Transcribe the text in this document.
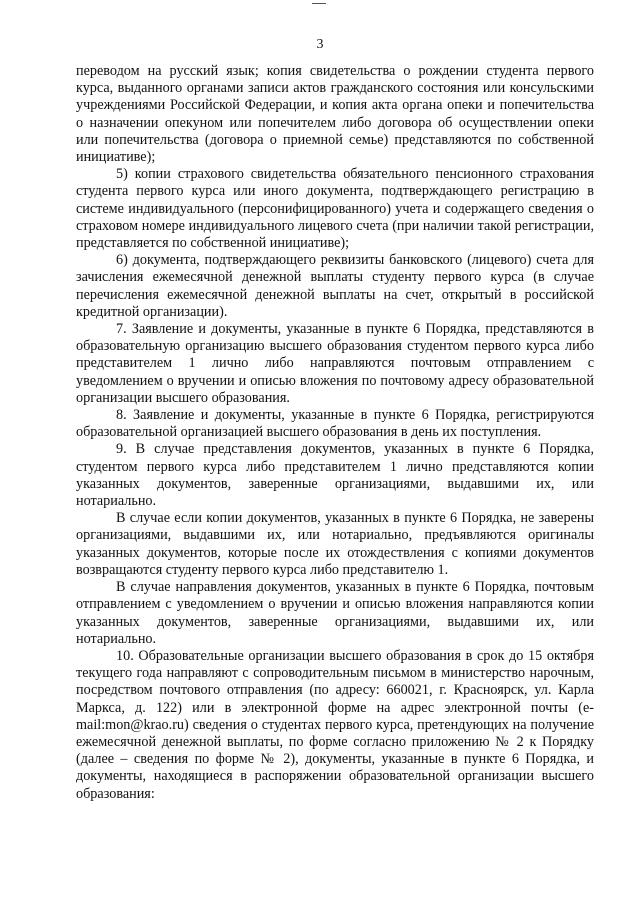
3

переводом на русский язык; копия свидетельства о рождении студента первого курса, выданного органами записи актов гражданского состояния или консульскими учреждениями Российской Федерации, и копия акта органа опеки и попечительства о назначении опекуном или попечителем либо договора об осуществлении опеки или попечительства (договора о приемной семье) представляются по собственной инициативе);

5) копии страхового свидетельства обязательного пенсионного страхования студента первого курса или иного документа, подтверждающего регистрацию в системе индивидуального (персонифицированного) учета и содержащего сведения о страховом номере индивидуального лицевого счета (при наличии такой регистрации, представляется по собственной инициативе);

6) документа, подтверждающего реквизиты банковского (лицевого) счета для зачисления ежемесячной денежной выплаты студенту первого курса (в случае перечисления ежемесячной денежной выплаты на счет, открытый в российской кредитной организации).

7. Заявление и документы, указанные в пункте 6 Порядка, представляются в образовательную организацию высшего образования студентом первого курса либо представителем 1 лично либо направляются почтовым отправлением с уведомлением о вручении и описью вложения по почтовому адресу образовательной организации высшего образования.

8. Заявление и документы, указанные в пункте 6 Порядка, регистрируются образовательной организацией высшего образования в день их поступления.

9. В случае представления документов, указанных в пункте 6 Порядка, студентом первого курса либо представителем 1 лично представляются копии указанных документов, заверенные организациями, выдавшими их, или нотариально.

В случае если копии документов, указанных в пункте 6 Порядка, не заверены организациями, выдавшими их, или нотариально, предъявляются оригиналы указанных документов, которые после их отождествления с копиями документов возвращаются студенту первого курса либо представителю 1.

В случае направления документов, указанных в пункте 6 Порядка, почтовым отправлением с уведомлением о вручении и описью вложения направляются копии указанных документов, заверенные организациями, выдавшими их, или нотариально.

10. Образовательные организации высшего образования в срок до 15 октября текущего года направляют с сопроводительным письмом в министерство нарочным, посредством почтового отправления (по адресу: 660021, г. Красноярск, ул. Карла Маркса, д. 122) или в электронной форме на адрес электронной почты (e-mail:mon@krao.ru) сведения о студентах первого курса, претендующих на получение ежемесячной денежной выплаты, по форме согласно приложению № 2 к Порядку (далее – сведения по форме № 2), документы, указанные в пункте 6 Порядка, и документы, находящиеся в распоряжении образовательной организации высшего образования:
